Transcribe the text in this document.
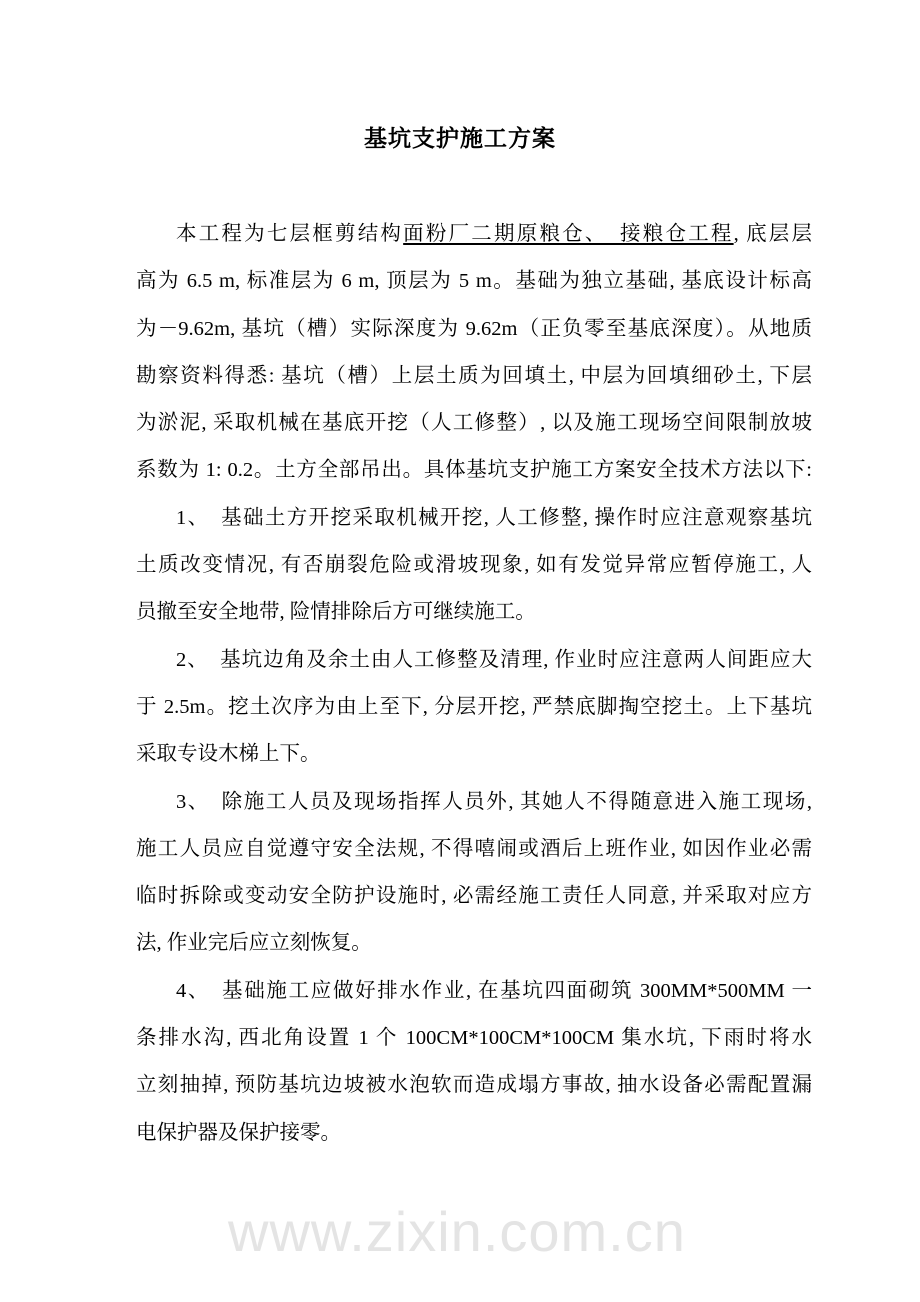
www.zixin.com.cn
基坑支护施工方案
本工程为七层框剪结构面粉厂二期原粮仓、　接粮仓工程, 底层层
高为 6.5 m, 标准层为 6 m, 顶层为 5 m。基础为独立基础, 基底设计标高
为－9.62m, 基坑（槽）实际深度为 9.62m（正负零至基底深度）。从地质
勘察资料得悉: 基坑（槽）上层土质为回填土, 中层为回填细砂土, 下层
为淤泥, 采取机械在基底开挖（人工修整）, 以及施工现场空间限制放坡
系数为 1: 0.2。土方全部吊出。具体基坑支护施工方案安全技术方法以下:
1、　基础土方开挖采取机械开挖, 人工修整, 操作时应注意观察基坑
土质改变情况, 有否崩裂危险或滑坡现象, 如有发觉异常应暂停施工, 人
员撤至安全地带, 险情排除后方可继续施工。
2、　基坑边角及余土由人工修整及清理, 作业时应注意两人间距应大
于 2.5m。挖土次序为由上至下, 分层开挖, 严禁底脚掏空挖土。上下基坑
采取专设木梯上下。
3、　除施工人员及现场指挥人员外, 其她人不得随意进入施工现场,
施工人员应自觉遵守安全法规, 不得嘻闹或酒后上班作业, 如因作业必需
临时拆除或变动安全防护设施时, 必需经施工责任人同意, 并采取对应方
法, 作业完后应立刻恢复。
4、　基础施工应做好排水作业, 在基坑四面砌筑 300MM*500MM 一
条排水沟, 西北角设置 1 个 100CM*100CM*100CM 集水坑, 下雨时将水
立刻抽掉, 预防基坑边坡被水泡软而造成塌方事故, 抽水设备必需配置漏
电保护器及保护接零。
